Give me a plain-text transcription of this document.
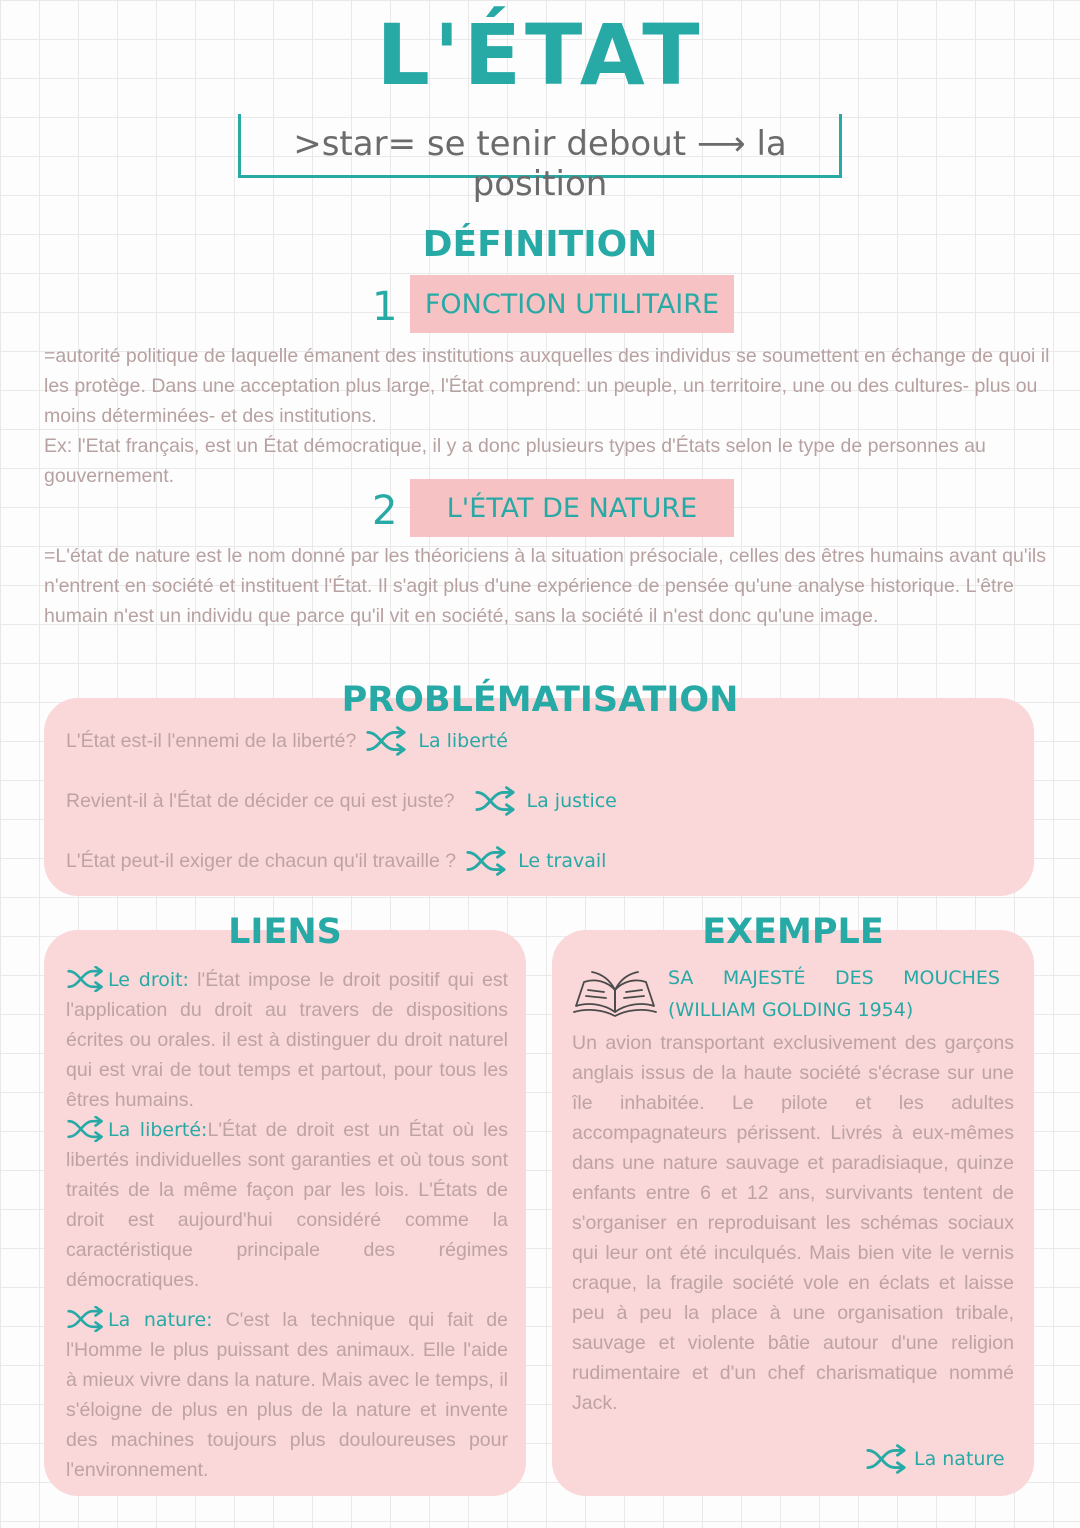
L'ÉTAT
>star= se tenir debout ⟶ la position
DÉFINITION
1	FONCTION UTILITAIRE
=autorité politique de laquelle émanent des institutions auxquelles des individus se soumettent en échange de quoi il les protège. Dans une acceptation plus large, l'État comprend: un peuple, un territoire, une ou des cultures- plus ou moins déterminées- et des institutions.
Ex: l'Etat français, est un État démocratique, il y a donc plusieurs types d'États selon le type de personnes au gouvernement.
2	L'ÉTAT DE NATURE
=L'état de nature est le nom donné par les théoriciens à la situation présociale, celles des êtres humains avant qu'ils n'entrent en société et instituent l'État. Il s'agit plus d'une expérience de pensée qu'une analyse historique. L'être humain n'est un individu que parce qu'il vit en société, sans la société il n'est donc qu'une image.
PROBLÉMATISATION
L'État est-il l'ennemi de la liberté?	La liberté
Revient-il à l'État de décider ce qui est juste?	La justice
L'État peut-il exiger de chacun qu'il travaille ?	Le travail
LIENS

Le droit: l'État impose le droit positif qui est l'application du droit au travers de dispositions écrites ou orales. il est à distinguer du droit naturel qui est vrai de tout temps et partout, pour tous les êtres humains.

La liberté:L'État de droit est un État où les libertés individuelles sont garanties et où tous sont traités de la même façon par les lois. L'États de droit est aujourd'hui considéré comme la caractéristique principale des régimes démocratiques.

La nature: C'est la technique qui fait de l'Homme le plus puissant des animaux. Elle l'aide à mieux vivre dans la nature. Mais avec le temps, il s'éloigne de plus en plus de la nature et invente des machines toujours plus douloureuses pour l'environnement.

EXEMPLE
SA MAJESTÉ DES MOUCHES
(WILLIAM GOLDING 1954)
Un avion transportant exclusivement des garçons anglais issus de la haute société s'écrase sur une île inhabitée. Le pilote et les adultes accompagnateurs périssent. Livrés à eux-mêmes dans une nature sauvage et paradisiaque, quinze enfants entre 6 et 12 ans, survivants tentent de s'organiser en reproduisant les schémas sociaux qui leur ont été inculqués. Mais bien vite le vernis craque, la fragile société vole en éclats et laisse peu à peu la place à une organisation tribale, sauvage et violente bâtie autour d'une religion rudimentaire et d'un chef charismatique nommé Jack.
La nature
